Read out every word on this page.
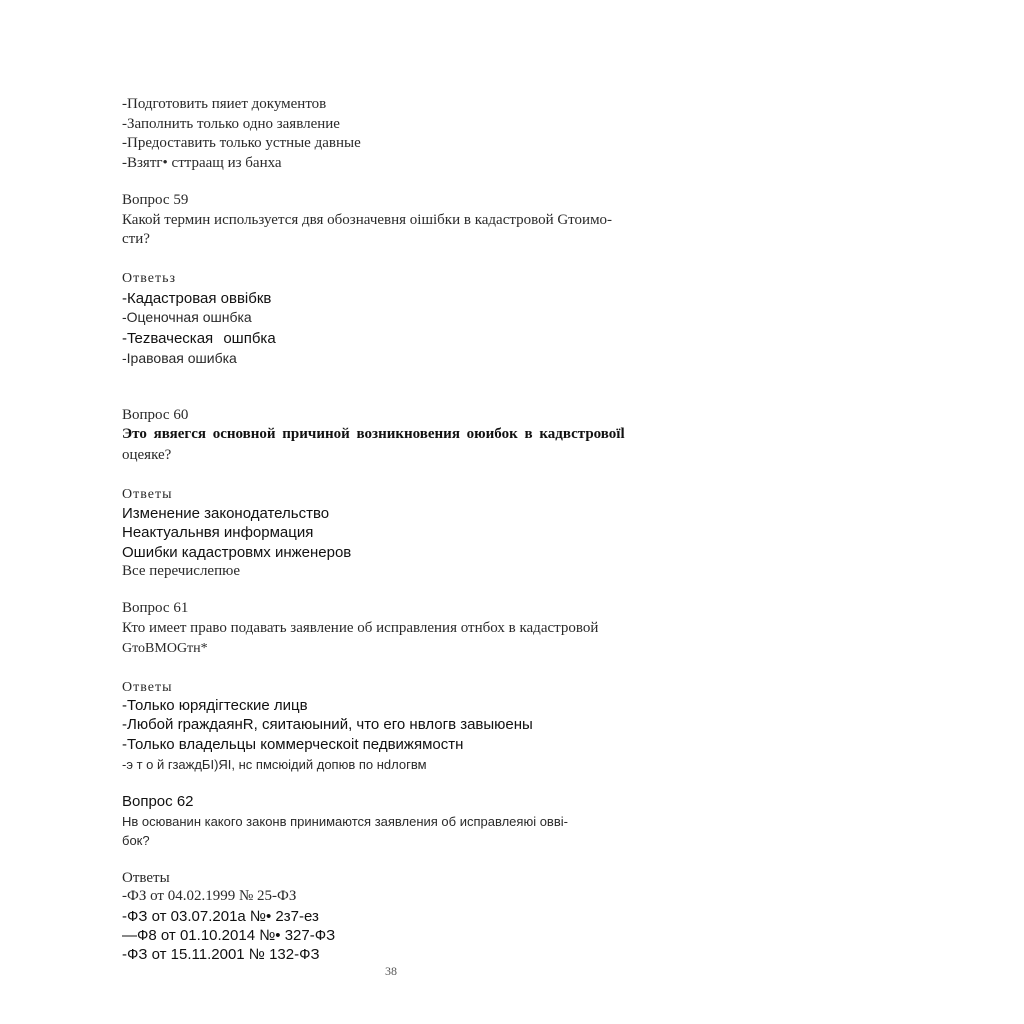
-Подготовить пяиет документов

-Заполнить только одно заявление

-Предоставить только устные давные

-Взятг• сттраащ из банха

Вопрос 59

Какой термин используется двя обозначевня оішібки в кадастровой Gтоимо-

сти?

Ответьз

-Кадастровая оввібкв

-Оценочная ошнбка

-Tezваческая ошпбка

-Iравовая ошибка

Вопрос 60

Это явяегся основной причиной возникновения оюибок в кадвстровоїl

оцеяке?

Ответы

Изменение законодательство

Неактуальнвя информация

Ошибки кадастровмх инженеров

Все перечислепюе

Вопрос 61

Кто имеет право подавать заявление об исправления отнбох в кадастровой

GтоBMOGтн*

Ответы

-Только юрядiгтеские лицв

-Любой rраждаянR, сяитаюыний, что его нвлогв завыюены

-Только владельцы коммерческоit педвижямостн

-э т о й гзаждБІ)ЯІ, нс пмсюідий допюв по нdлогвм

Вопрос 62

Нв осюванин какого законв принимаются заявления об исправлеяюі оввi-

бок?

Ответы

-ФЗ от 04.02.1999 № 25-ФЗ

-ФЗ от 03.07.201а №• 2з7-ез

—Ф8 от 01.10.2014 №• 327-ФЗ

-ФЗ от 15.11.2001 № 132-ФЗ

38
